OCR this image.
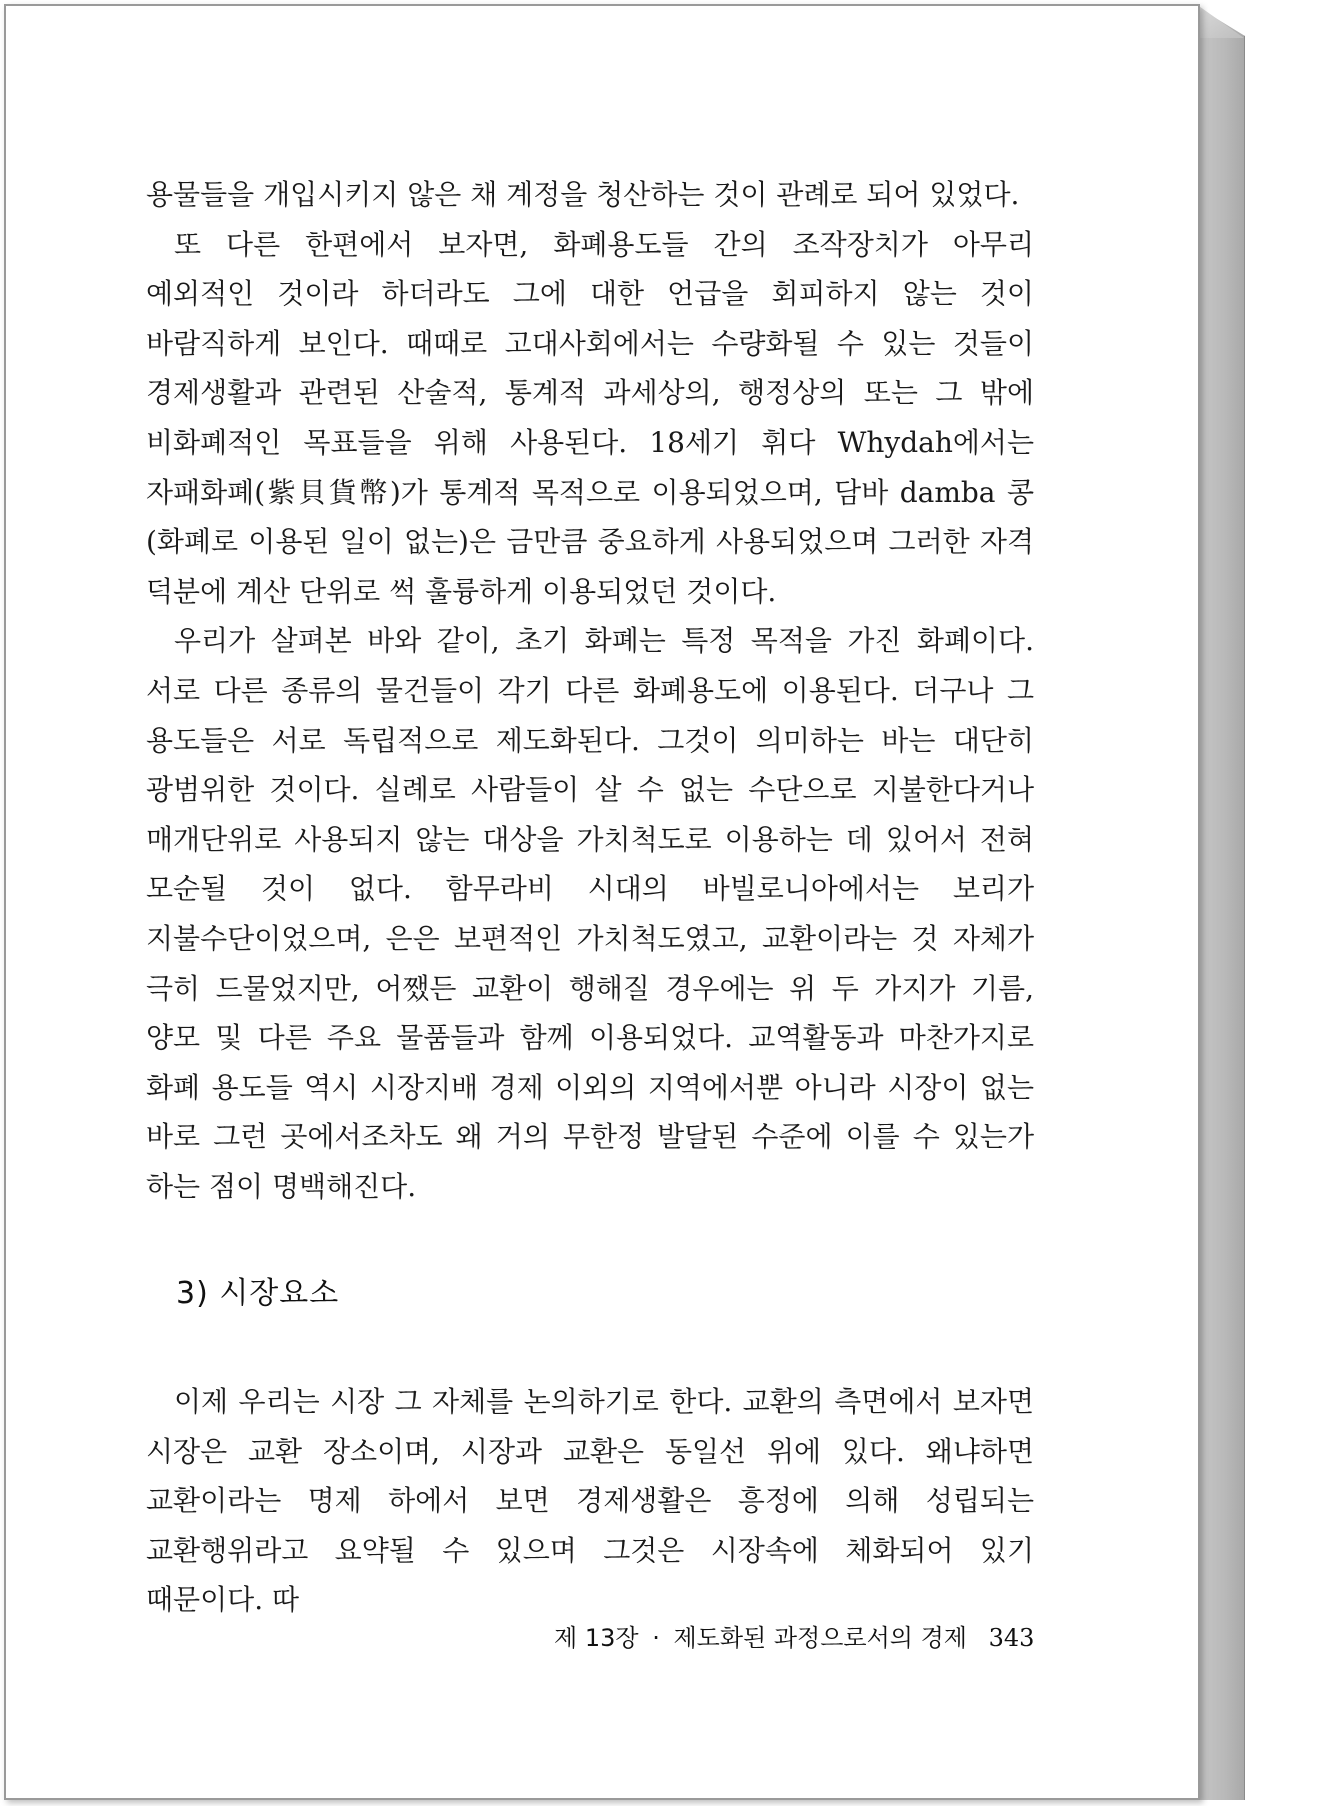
용물들을 개입시키지 않은 채 계정을 청산하는 것이 관례로 되어 있었다.

또 다른 한편에서 보자면, 화폐용도들 간의 조작장치가 아무리 예외적인 것이라 하더라도 그에 대한 언급을 회피하지 않는 것이 바람직하게 보인다. 때때로 고대사회에서는 수량화될 수 있는 것들이 경제생활과 관련된 산술적, 통계적 과세상의, 행정상의 또는 그 밖에 비화폐적인 목표들을 위해 사용된다. 18세기 휘다 Whydah에서는 자패화폐(紫貝貨幣)가 통계적 목적으로 이용되었으며, 담바 damba 콩(화폐로 이용된 일이 없는)은 금만큼 중요하게 사용되었으며 그러한 자격 덕분에 계산 단위로 썩 훌륭하게 이용되었던 것이다.

우리가 살펴본 바와 같이, 초기 화폐는 특정 목적을 가진 화폐이다. 서로 다른 종류의 물건들이 각기 다른 화폐용도에 이용된다. 더구나 그 용도들은 서로 독립적으로 제도화된다. 그것이 의미하는 바는 대단히 광범위한 것이다. 실례로 사람들이 살 수 없는 수단으로 지불한다거나 매개단위로 사용되지 않는 대상을 가치척도로 이용하는 데 있어서 전혀 모순될 것이 없다. 함무라비 시대의 바빌로니아에서는 보리가 지불수단이었으며, 은은 보편적인 가치척도였고, 교환이라는 것 자체가 극히 드물었지만, 어쨌든 교환이 행해질 경우에는 위 두 가지가 기름, 양모 및 다른 주요 물품들과 함께 이용되었다. 교역활동과 마찬가지로 화폐 용도들 역시 시장지배 경제 이외의 지역에서뿐 아니라 시장이 없는 바로 그런 곳에서조차도 왜 거의 무한정 발달된 수준에 이를 수 있는가 하는 점이 명백해진다.

3) 시장요소

이제 우리는 시장 그 자체를 논의하기로 한다. 교환의 측면에서 보자면 시장은 교환 장소이며, 시장과 교환은 동일선 위에 있다. 왜냐하면 교환이라는 명제 하에서 보면 경제생활은 흥정에 의해 성립되는 교환행위라고 요약될 수 있으며 그것은 시장속에 체화되어 있기 때문이다. 따

제 13장 · 제도화된 과정으로서의 경제 343
